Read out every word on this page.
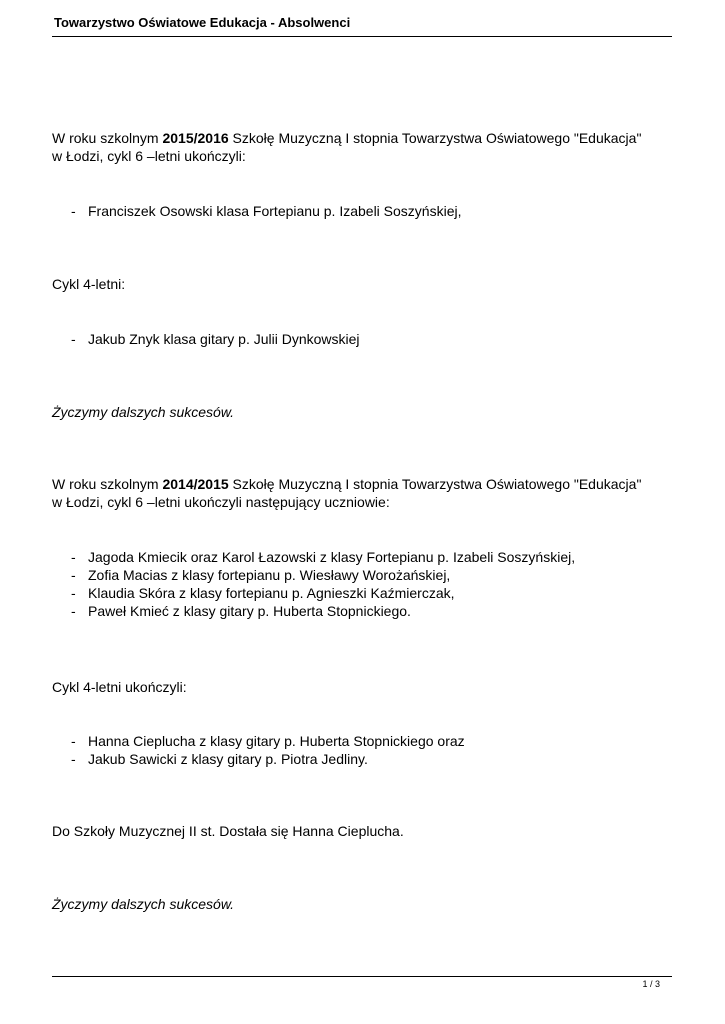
Towarzystwo Oświatowe Edukacja - Absolwenci

W roku szkolnym 2015/2016 Szkołę Muzyczną I stopnia Towarzystwa Oświatowego "Edukacja"
w Łodzi, cykl 6 –letni ukończyli:

- Franciszek Osowski klasa Fortepianu p. Izabeli Soszyńskiej,

Cykl 4-letni:

- Jakub Znyk klasa gitary p. Julii Dynkowskiej

Życzymy dalszych sukcesów.

W roku szkolnym 2014/2015 Szkołę Muzyczną I stopnia Towarzystwa Oświatowego "Edukacja"
w Łodzi, cykl 6 –letni ukończyli następujący uczniowie:

- Jagoda Kmiecik oraz Karol Łazowski z klasy Fortepianu p. Izabeli Soszyńskiej,
- Zofia Macias z klasy fortepianu p. Wiesławy Worożańskiej,
- Klaudia Skóra z klasy fortepianu p. Agnieszki Kaźmierczak,
- Paweł Kmieć z klasy gitary p. Huberta Stopnickiego.

Cykl 4-letni ukończyli:

- Hanna Cieplucha z klasy gitary p. Huberta Stopnickiego oraz
- Jakub Sawicki z klasy gitary p. Piotra Jedliny.

Do Szkoły Muzycznej II st. Dostała się Hanna Cieplucha.

Życzymy dalszych sukcesów.

1 / 3
